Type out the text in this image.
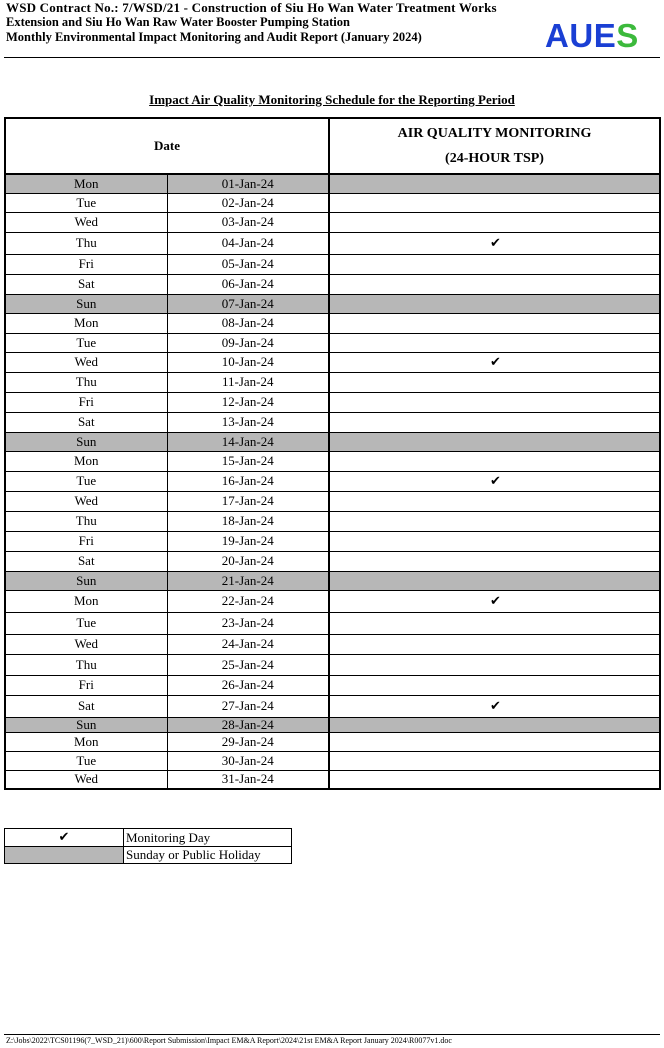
WSD Contract No.: 7/WSD/21 - Construction of Siu Ho Wan Water Treatment Works
Extension and Siu Ho Wan Raw Water Booster Pumping Station
Monthly Environmental Impact Monitoring and Audit Report (January 2024)	AUES
Impact Air Quality Monitoring Schedule for the Reporting Period
Date		AIR QUALITY MONITORING
(24-HOUR TSP)

Mon	01-Jan-24	
Tue	02-Jan-24	
Wed	03-Jan-24	
Thu	04-Jan-24	✔
Fri	05-Jan-24	
Sat	06-Jan-24	
Sun	07-Jan-24	
Mon	08-Jan-24	
Tue	09-Jan-24	
Wed	10-Jan-24	✔
Thu	11-Jan-24	
Fri	12-Jan-24	
Sat	13-Jan-24	
Sun	14-Jan-24	
Mon	15-Jan-24	
Tue	16-Jan-24	✔
Wed	17-Jan-24	
Thu	18-Jan-24	
Fri	19-Jan-24	
Sat	20-Jan-24	
Sun	21-Jan-24	
Mon	22-Jan-24	✔
Tue	23-Jan-24	
Wed	24-Jan-24	
Thu	25-Jan-24	
Fri	26-Jan-24	
Sat	27-Jan-24	✔
Sun	28-Jan-24	
Mon	29-Jan-24	
Tue	30-Jan-24	
Wed	31-Jan-24	
✔	Monitoring Day
	Sunday or Public Holiday
Z:\Jobs\2022\TCS01196(7_WSD_21)\600\Report Submission\Impact EM&A Report\2024\21st EM&A Report January 2024\R0077v1.doc
